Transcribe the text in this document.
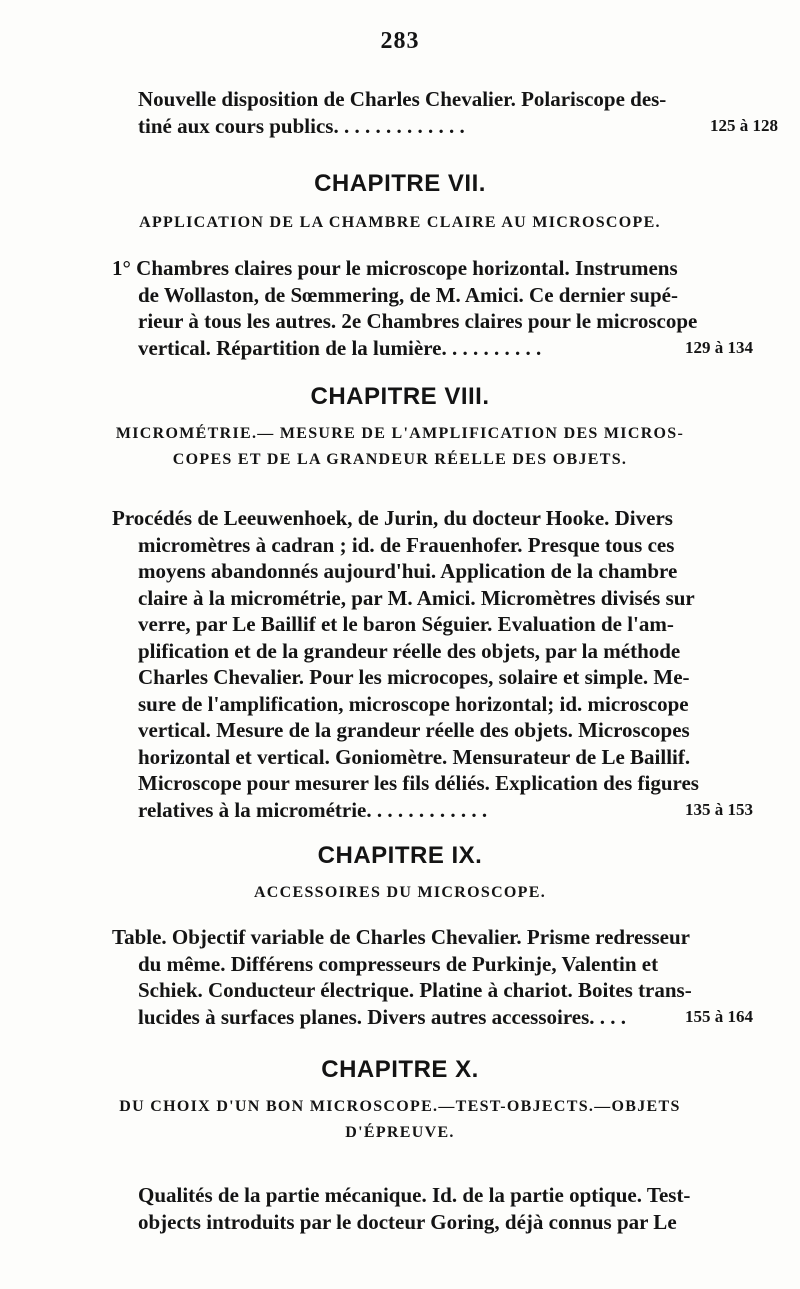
283
Nouvelle disposition de Charles Chevalier. Polariscope des-
tiné aux cours publics. . . . . . . . . . . . .	125 à 128
CHAPITRE VII.
APPLICATION DE LA CHAMBRE CLAIRE AU MICROSCOPE.
1° Chambres claires pour le microscope horizontal. Instrumens
de Wollaston, de Sœmmering, de M. Amici. Ce dernier supé-
rieur à tous les autres. 2e Chambres claires pour le microscope
vertical. Répartition de la lumière. . . . . . . . . .	129 à 134
CHAPITRE VIII.
MICROMÉTRIE.— MESURE DE L'AMPLIFICATION DES MICROS-
COPES ET DE LA GRANDEUR RÉELLE DES OBJETS.
Procédés de Leeuwenhoek, de Jurin, du docteur Hooke. Divers
micromètres à cadran ; id. de Frauenhofer. Presque tous ces
moyens abandonnés aujourd'hui. Application de la chambre
claire à la micrométrie, par M. Amici. Micromètres divisés sur
verre, par Le Baillif et le baron Séguier. Evaluation de l'am-
plification et de la grandeur réelle des objets, par la méthode
Charles Chevalier. Pour les microcopes, solaire et simple. Me-
sure de l'amplification, microscope horizontal; id. microscope
vertical. Mesure de la grandeur réelle des objets. Microscopes
horizontal et vertical. Goniomètre. Mensurateur de Le Baillif.
Microscope pour mesurer les fils déliés. Explication des figures
relatives à la micrométrie. . . . . . . . . . . .	135 à 153
CHAPITRE IX.
ACCESSOIRES DU MICROSCOPE.
Table. Objectif variable de Charles Chevalier. Prisme redresseur
du même. Différens compresseurs de Purkinje, Valentin et
Schiek. Conducteur électrique. Platine à chariot. Boites trans-
lucides à surfaces planes. Divers autres accessoires. . . .	155 à 164
CHAPITRE X.
DU CHOIX D'UN BON MICROSCOPE.—TEST-OBJECTS.—OBJETS
D'ÉPREUVE.
Qualités de la partie mécanique. Id. de la partie optique. Test-
objects introduits par le docteur Goring, déjà connus par Le
